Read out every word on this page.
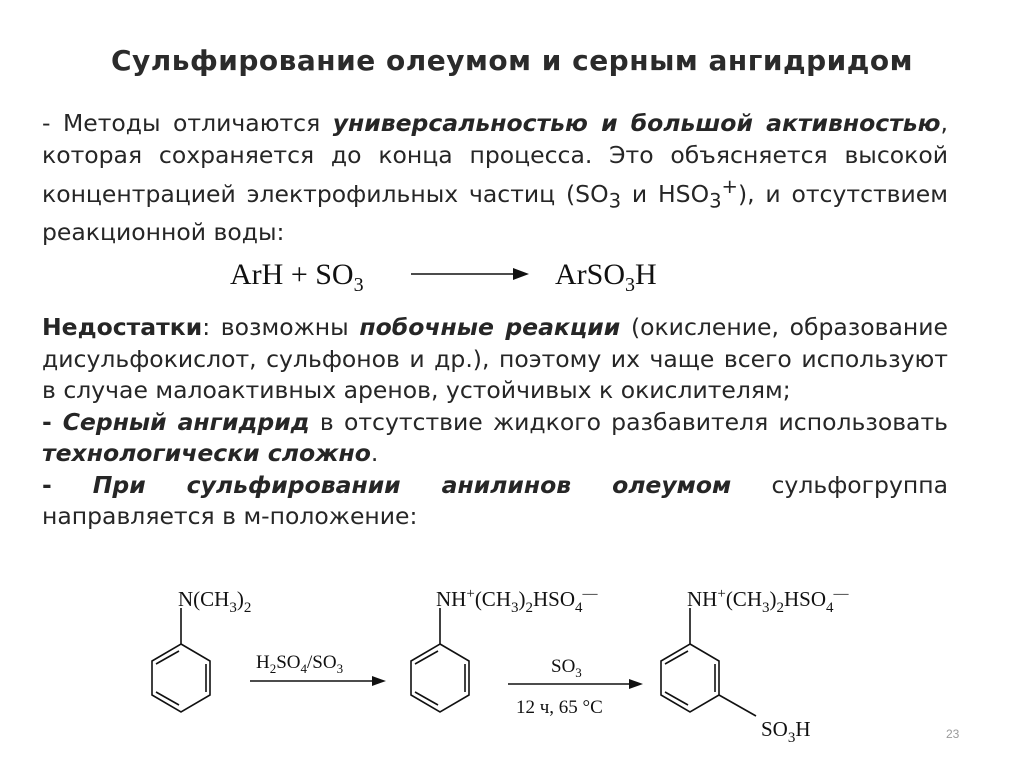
Сульфирование олеумом и серным ангидридом
- Методы отличаются универсальностью и большой активностью, которая сохраняется до конца процесса. Это объясняется высокой концентрацией электрофильных частиц ($SO_3$ и $HSO_3^+$), и отсутствием реакционной воды:
ArH + $SO_3$	ArSO$_3$H
Недостатки: возможны побочные реакции (окисление, образование дисульфокислот, сульфонов и др.), поэтому их чаще всего используют в случае малоактивных аренов, устойчивых к окислителям;
- Серный ангидрид в отсутствие жидкого разбавителя использовать технологически сложно.
- При сульфировании анилинов олеумом сульфогруппа направляется в м-положение:
$N(CH_3)_2$
$H_2SO_4/SO_3$
$NH^+(CH_3)_2HSO_4^—$
$SO_3$
12 ч, 65 °C
$NH^+(CH_3)_2HSO_4^—$
$SO_3H$	23
